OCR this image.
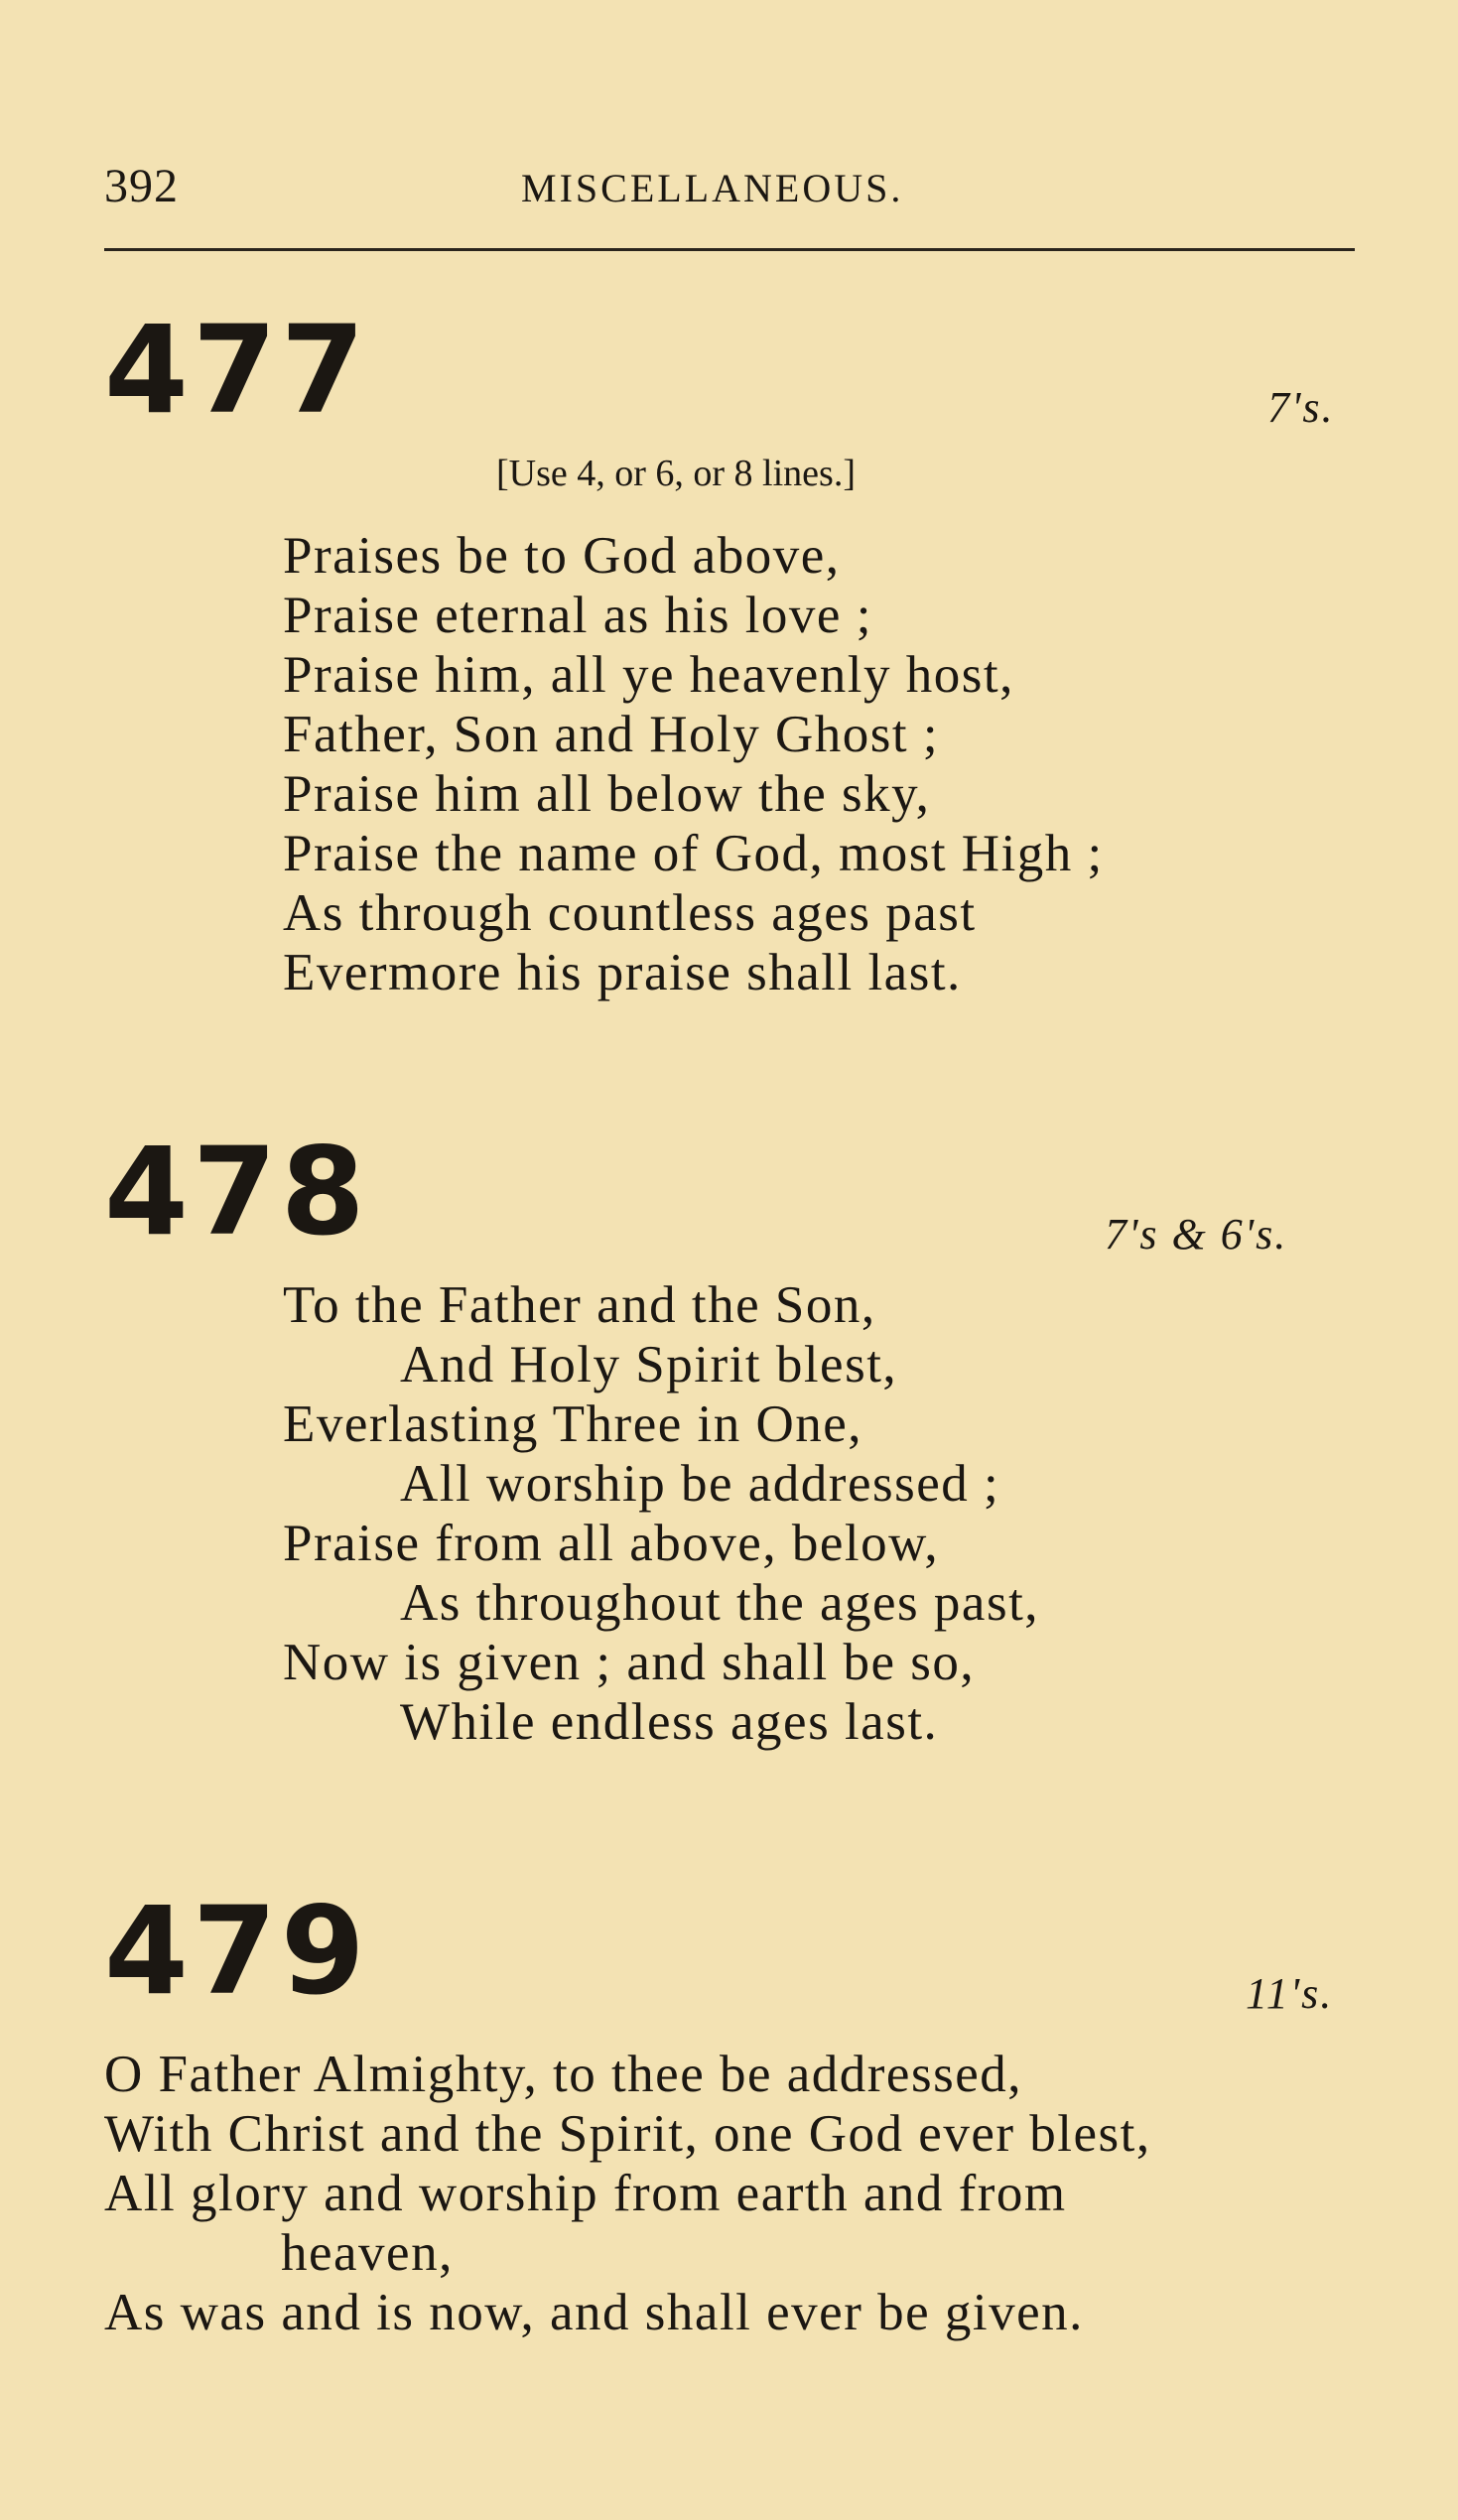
392	MISCELLANEOUS.
477	7's.
[Use 4, or 6, or 8 lines.]
Praises be to God above,
Praise eternal as his love ;
Praise him, all ye heavenly host,
Father, Son and Holy Ghost ;
Praise him all below the sky,
Praise the name of God, most High ;
As through countless ages past
Evermore his praise shall last.
478	7's & 6's.
To the Father and the Son,
And Holy Spirit blest,
Everlasting Three in One,
All worship be addressed ;
Praise from all above, below,
As throughout the ages past,
Now is given ; and shall be so,
While endless ages last.
479	11's.
O Father Almighty, to thee be addressed,
With Christ and the Spirit, one God ever blest,
All glory and worship from earth and from
heaven,
As was and is now, and shall ever be given.
